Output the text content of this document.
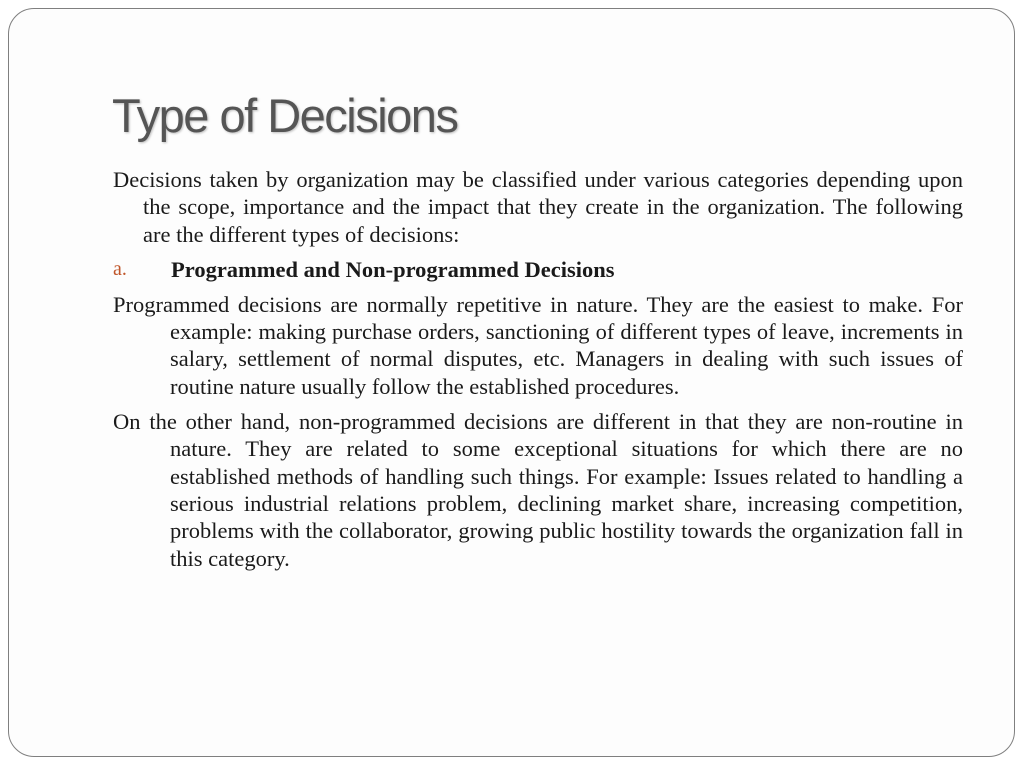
Type of Decisions

Decisions taken by organization may be classified under various categories depending upon the scope, importance and the impact that they create in the organization. The following are the different types of decisions:

a. Programmed and Non-programmed Decisions

Programmed decisions are normally repetitive in nature. They are the easiest to make. For example: making purchase orders, sanctioning of different types of leave, increments in salary, settlement of normal disputes, etc. Managers in dealing with such issues of routine nature usually follow the established procedures.

On the other hand, non-programmed decisions are different in that they are non-routine in nature. They are related to some exceptional situations for which there are no established methods of handling such things. For example: Issues related to handling a serious industrial relations problem, declining market share, increasing competition, problems with the collaborator, growing public hostility towards the organization fall in this category.
